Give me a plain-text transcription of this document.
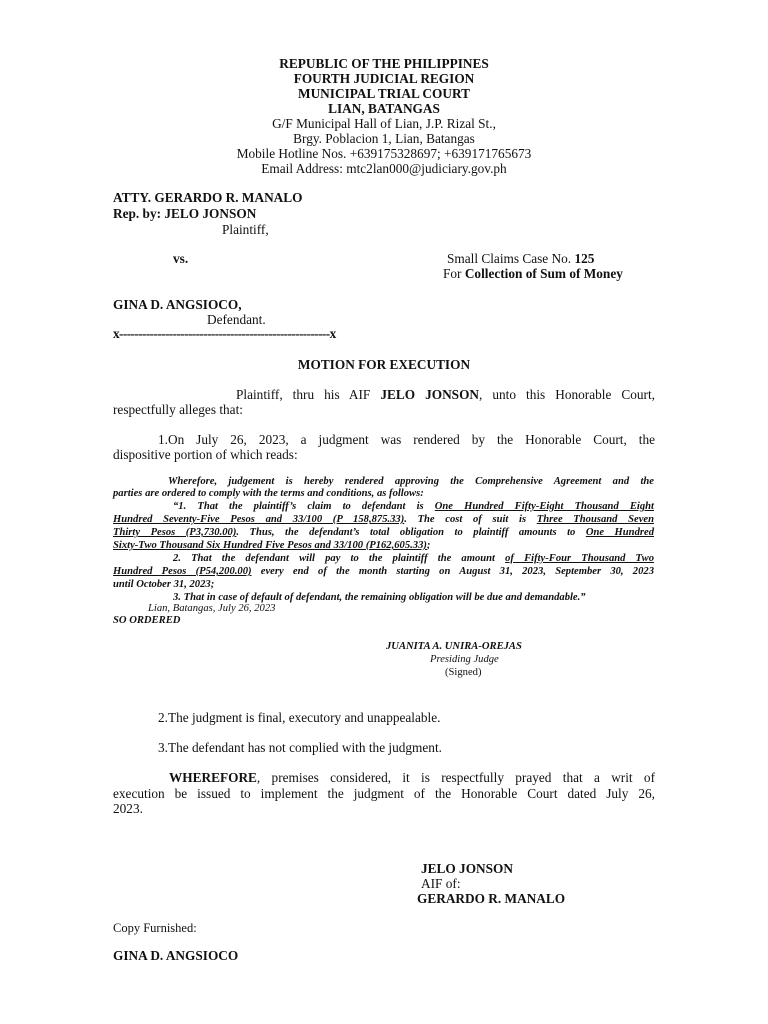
REPUBLIC OF THE PHILIPPINES
FOURTH JUDICIAL REGION
MUNICIPAL TRIAL COURT
LIAN, BATANGAS
G/F Municipal Hall of Lian, J.P. Rizal St.,
Brgy. Poblacion 1, Lian, Batangas
Mobile Hotline Nos. +639175328697; +639171765673
Email Address: mtc2lan000@judiciary.gov.ph
ATTY. GERARDO R. MANALO
Rep. by: JELO JONSON
Plaintiff,
vs.	Small Claims Case No. 125
For Collection of Sum of Money
GINA D. ANGSIOCO,
Defendant.
x-------------------------------------------------------x
MOTION FOR EXECUTION
Plaintiff, thru his AIF JELO JONSON, unto this Honorable Court,
respectfully alleges that:
1.On July 26, 2023, a judgment was rendered by the Honorable Court, the
dispositive portion of which reads:
Wherefore, judgement is hereby rendered approving the Comprehensive Agreement and the
parties are ordered to comply with the terms and conditions, as follows:
“1. That the plaintiff’s claim to defendant is One Hundred Fifty-Eight Thousand Eight
Hundred Seventy-Five Pesos and 33/100 (P 158,875.33). The cost of suit is Three Thousand Seven
Thirty Pesos (P3,730.00). Thus, the defendant’s total obligation to plaintiff amounts to One Hundred
Sixty-Two Thousand Six Hundred Five Pesos and 33/100 (P162,605.33);
2. That the defendant will pay to the plaintiff the amount of Fifty-Four Thousand Two
Hundred Pesos (P54,200.00) every end of the month starting on August 31, 2023, September 30, 2023
until October 31, 2023;
3. That in case of default of defendant, the remaining obligation will be due and demandable.”
Lian, Batangas, July 26, 2023
SO ORDERED
JUANITA A. UNIRA-OREJAS
Presiding Judge
(Signed)
2.The judgment is final, executory and unappealable.
3.The defendant has not complied with the judgment.
WHEREFORE, premises considered, it is respectfully prayed that a writ of
execution be issued to implement the judgment of the Honorable Court dated July 26,
2023.
JELO JONSON
AIF of:
GERARDO R. MANALO
Copy Furnished:
GINA D. ANGSIOCO
